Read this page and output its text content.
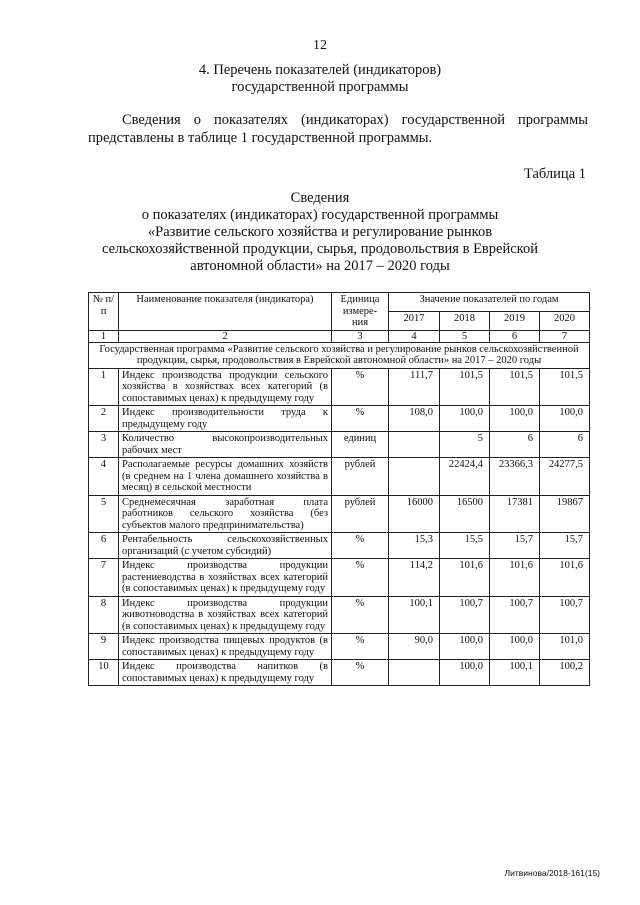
12
4. Перечень показателей (индикаторов)
государственной программы
Сведения о показателях (индикаторах) государственной программы
представлены в таблице 1 государственной программы.
Таблица 1
Сведения
о показателях (индикаторах) государственной программы
«Развитие сельского хозяйства и регулирование рынков
сельскохозяйственной продукции, сырья, продовольствия в Еврейской
автономной области» на 2017 – 2020 годы
№ п/п	Наименование показателя (индикатора)	Единица измере-ния	Значение показателей по годам			
			2017	2018	2019	2020
1	2	3	4	5	6	7
Государственная программа «Развитие сельского хозяйства и регулирование рынков сельскохозяйственной продукции, сырья, продовольствия в Еврейской автономной области» на 2017 – 2020 годы						
1	Индекс производства продукции сельского хозяйства в хозяйствах всех категорий (в сопоставимых ценах) к предыдущему году	%	111,7	101,5	101,5	101,5
2	Индекс производительности труда к предыдущему году	%	108,0	100,0	100,0	100,0
3	Количество высокопроизводительных рабочих мест	единиц		5	6	6
4	Располагаемые ресурсы домашних хозяйств (в среднем на 1 члена домашнего хозяйства в месяц) в сельской местности	рублей		22424,4	23366,3	24277,5
5	Среднемесячная заработная плата работников сельского хозяйства (без субъектов малого предпринимательства)	рублей	16000	16500	17381	19867
6	Рентабельность сельскохозяйственных организаций (с учетом субсидий)	%	15,3	15,5	15,7	15,7
7	Индекс производства продукции растениеводства в хозяйствах всех категорий (в сопоставимых ценах) к предыдущему году	%	114,2	101,6	101,6	101,6
8	Индекс производства продукции животноводства в хозяйствах всех категорий (в сопоставимых ценах) к предыдущему году	%	100,1	100,7	100,7	100,7
9	Индекс производства пищевых продуктов (в сопоставимых ценах) к предыдущему году	%	90,0	100,0	100,0	101,0
10	Индекс производства напитков (в сопоставимых ценах) к предыдущему году	%		100,0	100,1	100,2
Литвинова/2018-161(15)
